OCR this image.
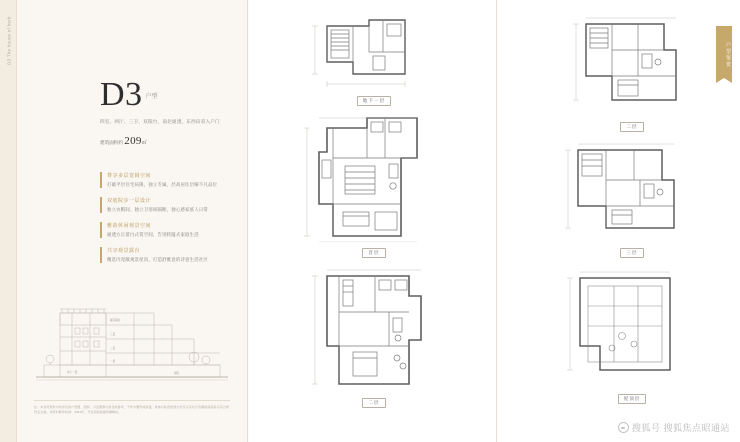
D3 The house of herb
D3 户型
四室、两厅、三卫、双阳台，南北通透，东西向双入户门
建筑面积约 209㎡
尊享多层宽阔空间
打破平层住宅局限，独立专属，层高居住层解不凡品位
双庭院步一层设计
独立衣帽间、独立卫浴间隔断，独心感家族人日常
雅韵休闲观景空间
通透方正留白式赏空间，告别狭隘式家庭生活
共享观景露台
精选内宽敞观景屋顶，打造舒雅意的诗意生活社区
屋顶露台
三层
二层
一层
地下一层	庭院
注：本宣传资料中所涉及的户型图、面积、示意图等内容仅供参考，不作为要约或承诺，具体以政府批准文件及买卖双方签署的商品房买卖合同约定为准。本资料制作时间：2021年，开发商保留最终解释权。
地下一层
首层
二层
户型鉴赏
二层
三层
屋顶层
搜狐号 搜狐焦点昭通站
